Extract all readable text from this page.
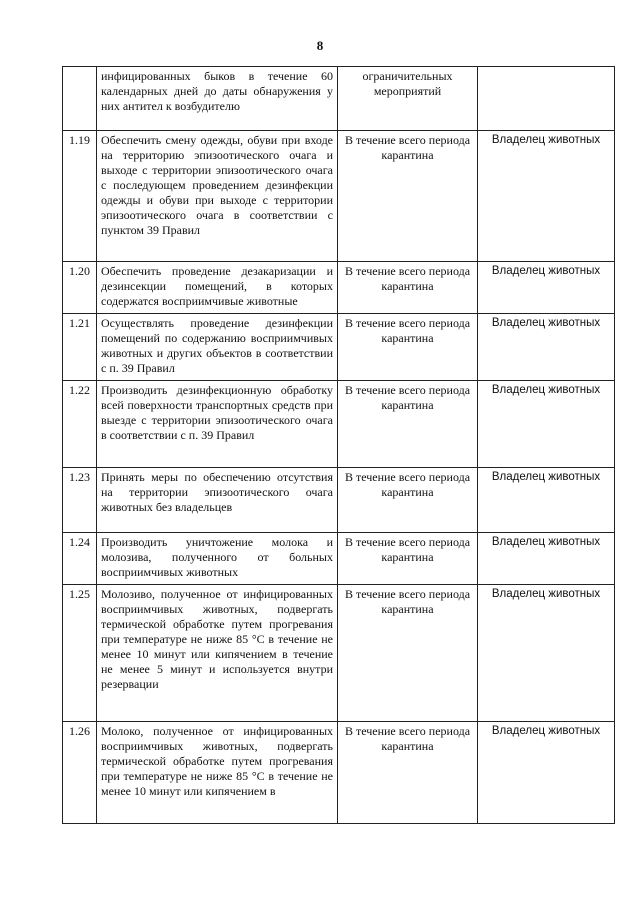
8
	инфицированных быков в течение 60 календарных дней до даты обнаружения у них антител к возбудителю	ограничительных мероприятий	
1.19	Обеспечить смену одежды, обуви при входе на территорию эпизоотического очага и выходе с территории эпизоотического очага с последующем проведением дезинфекции одежды и обуви при выходе с территории эпизоотического очага в соответствии с пунктом 39 Правил	В течение всего периода карантина	Владелец животных
1.20	Обеспечить проведение дезакаризации и дезинсекции помещений, в которых содержатся восприимчивые животные	В течение всего периода карантина	Владелец животных
1.21	Осуществлять проведение дезинфекции помещений по содержанию восприимчивых животных и других объектов в соответствии с п. 39 Правил	В течение всего периода карантина	Владелец животных
1.22	Производить дезинфекционную обработку всей поверхности транспортных средств при выезде с территории эпизоотического очага в соответствии с п. 39 Правил	В течение всего периода карантина	Владелец животных
1.23	Принять меры по обеспечению отсутствия на территории эпизоотического очага животных без владельцев	В течение всего периода карантина	Владелец животных
1.24	Производить уничтожение молока и молозива, полученного от больных восприимчивых животных	В течение всего периода карантина	Владелец животных
1.25	Молозиво, полученное от инфицированных восприимчивых животных, подвергать термической обработке путем прогревания при температуре не ниже 85 °С в течение не менее 10 минут или кипячением в течение не менее 5 минут и используется внутри резервации	В течение всего периода карантина	Владелец животных
1.26	Молоко, полученное от инфицированных восприимчивых животных, подвергать термической обработке путем прогревания при температуре не ниже 85 °С в течение не менее 10 минут или кипячением в	В течение всего периода карантина	Владелец животных
